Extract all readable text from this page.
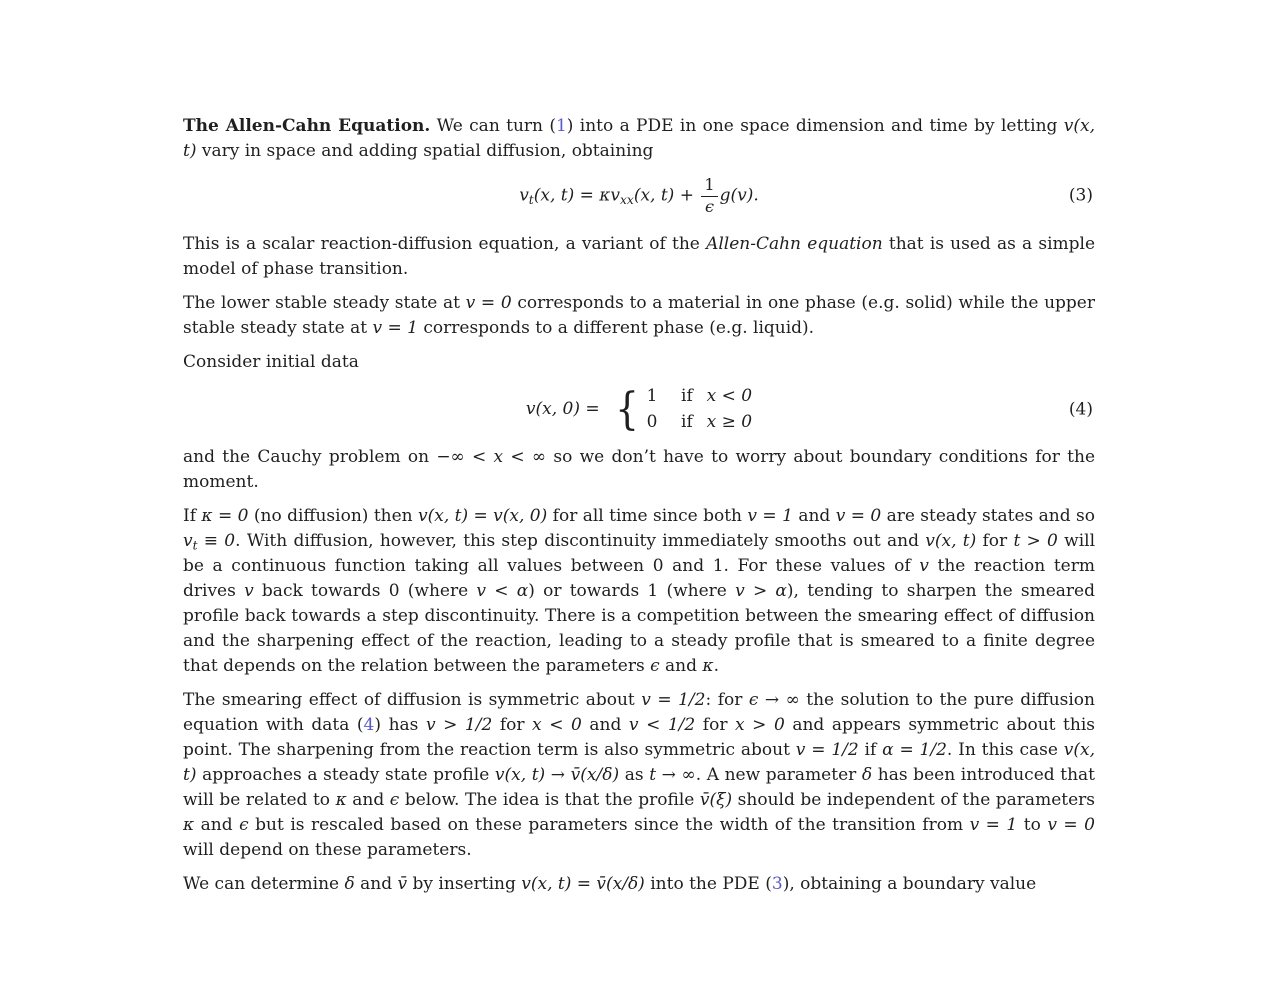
The Allen-Cahn Equation. We can turn (1) into a PDE in one space dimension and time by letting v(x, t) vary in space and adding spatial diffusion, obtaining

$v_t(x$, $t) = \kappa v_{xx}(x$, $t) + \frac{1}{\epsilon} g(v)$.	(3)

This is a scalar reaction-diffusion equation, a variant of the Allen-Cahn equation that is used as a simple model of phase transition.

The lower stable steady state at v = 0 corresponds to a material in one phase (e.g. solid) while the upper stable steady state at v = 1 corresponds to a different phase (e.g. liquid).

Consider initial data

v(x, 0) = { 1 if  x < 0
0 if  x ≥ 0
(4)

and the Cauchy problem on −∞ < x < ∞ so we don’t have to worry about boundary conditions for the moment.

If κ = 0 (no diffusion) then v(x, t) = v(x, 0) for all time since both v = 1 and v = 0 are steady states and so $v_t \equiv 0$. With diffusion, however, this step discontinuity immediately smooths out and v(x, t) for t > 0 will be a continuous function taking all values between 0 and 1. For these values of v the reaction term drives v back towards 0 (where v < α) or towards 1 (where v > α), tending to sharpen the smeared profile back towards a step discontinuity. There is a competition between the smearing effect of diffusion and the sharpening effect of the reaction, leading to a steady profile that is smeared to a finite degree that depends on the relation between the parameters ϵ and κ.

The smearing effect of diffusion is symmetric about v = 1/2: for ϵ → ∞ the solution to the pure diffusion equation with data (4) has v > 1/2 for x < 0 and v < 1/2 for x > 0 and appears symmetric about this point. The sharpening from the reaction term is also symmetric about v = 1/2 if α = 1/2. In this case v(x, t) approaches a steady state profile v(x, t) → v̄(x/δ) as t → ∞. A new parameter δ has been introduced that will be related to κ and ϵ below. The idea is that the profile v̄(ξ) should be independent of the parameters κ and ϵ but is rescaled based on these parameters since the width of the transition from v = 1 to v = 0 will depend on these parameters.

We can determine δ and v̄ by inserting v(x, t) = v̄(x/δ) into the PDE (3), obtaining a boundary value
